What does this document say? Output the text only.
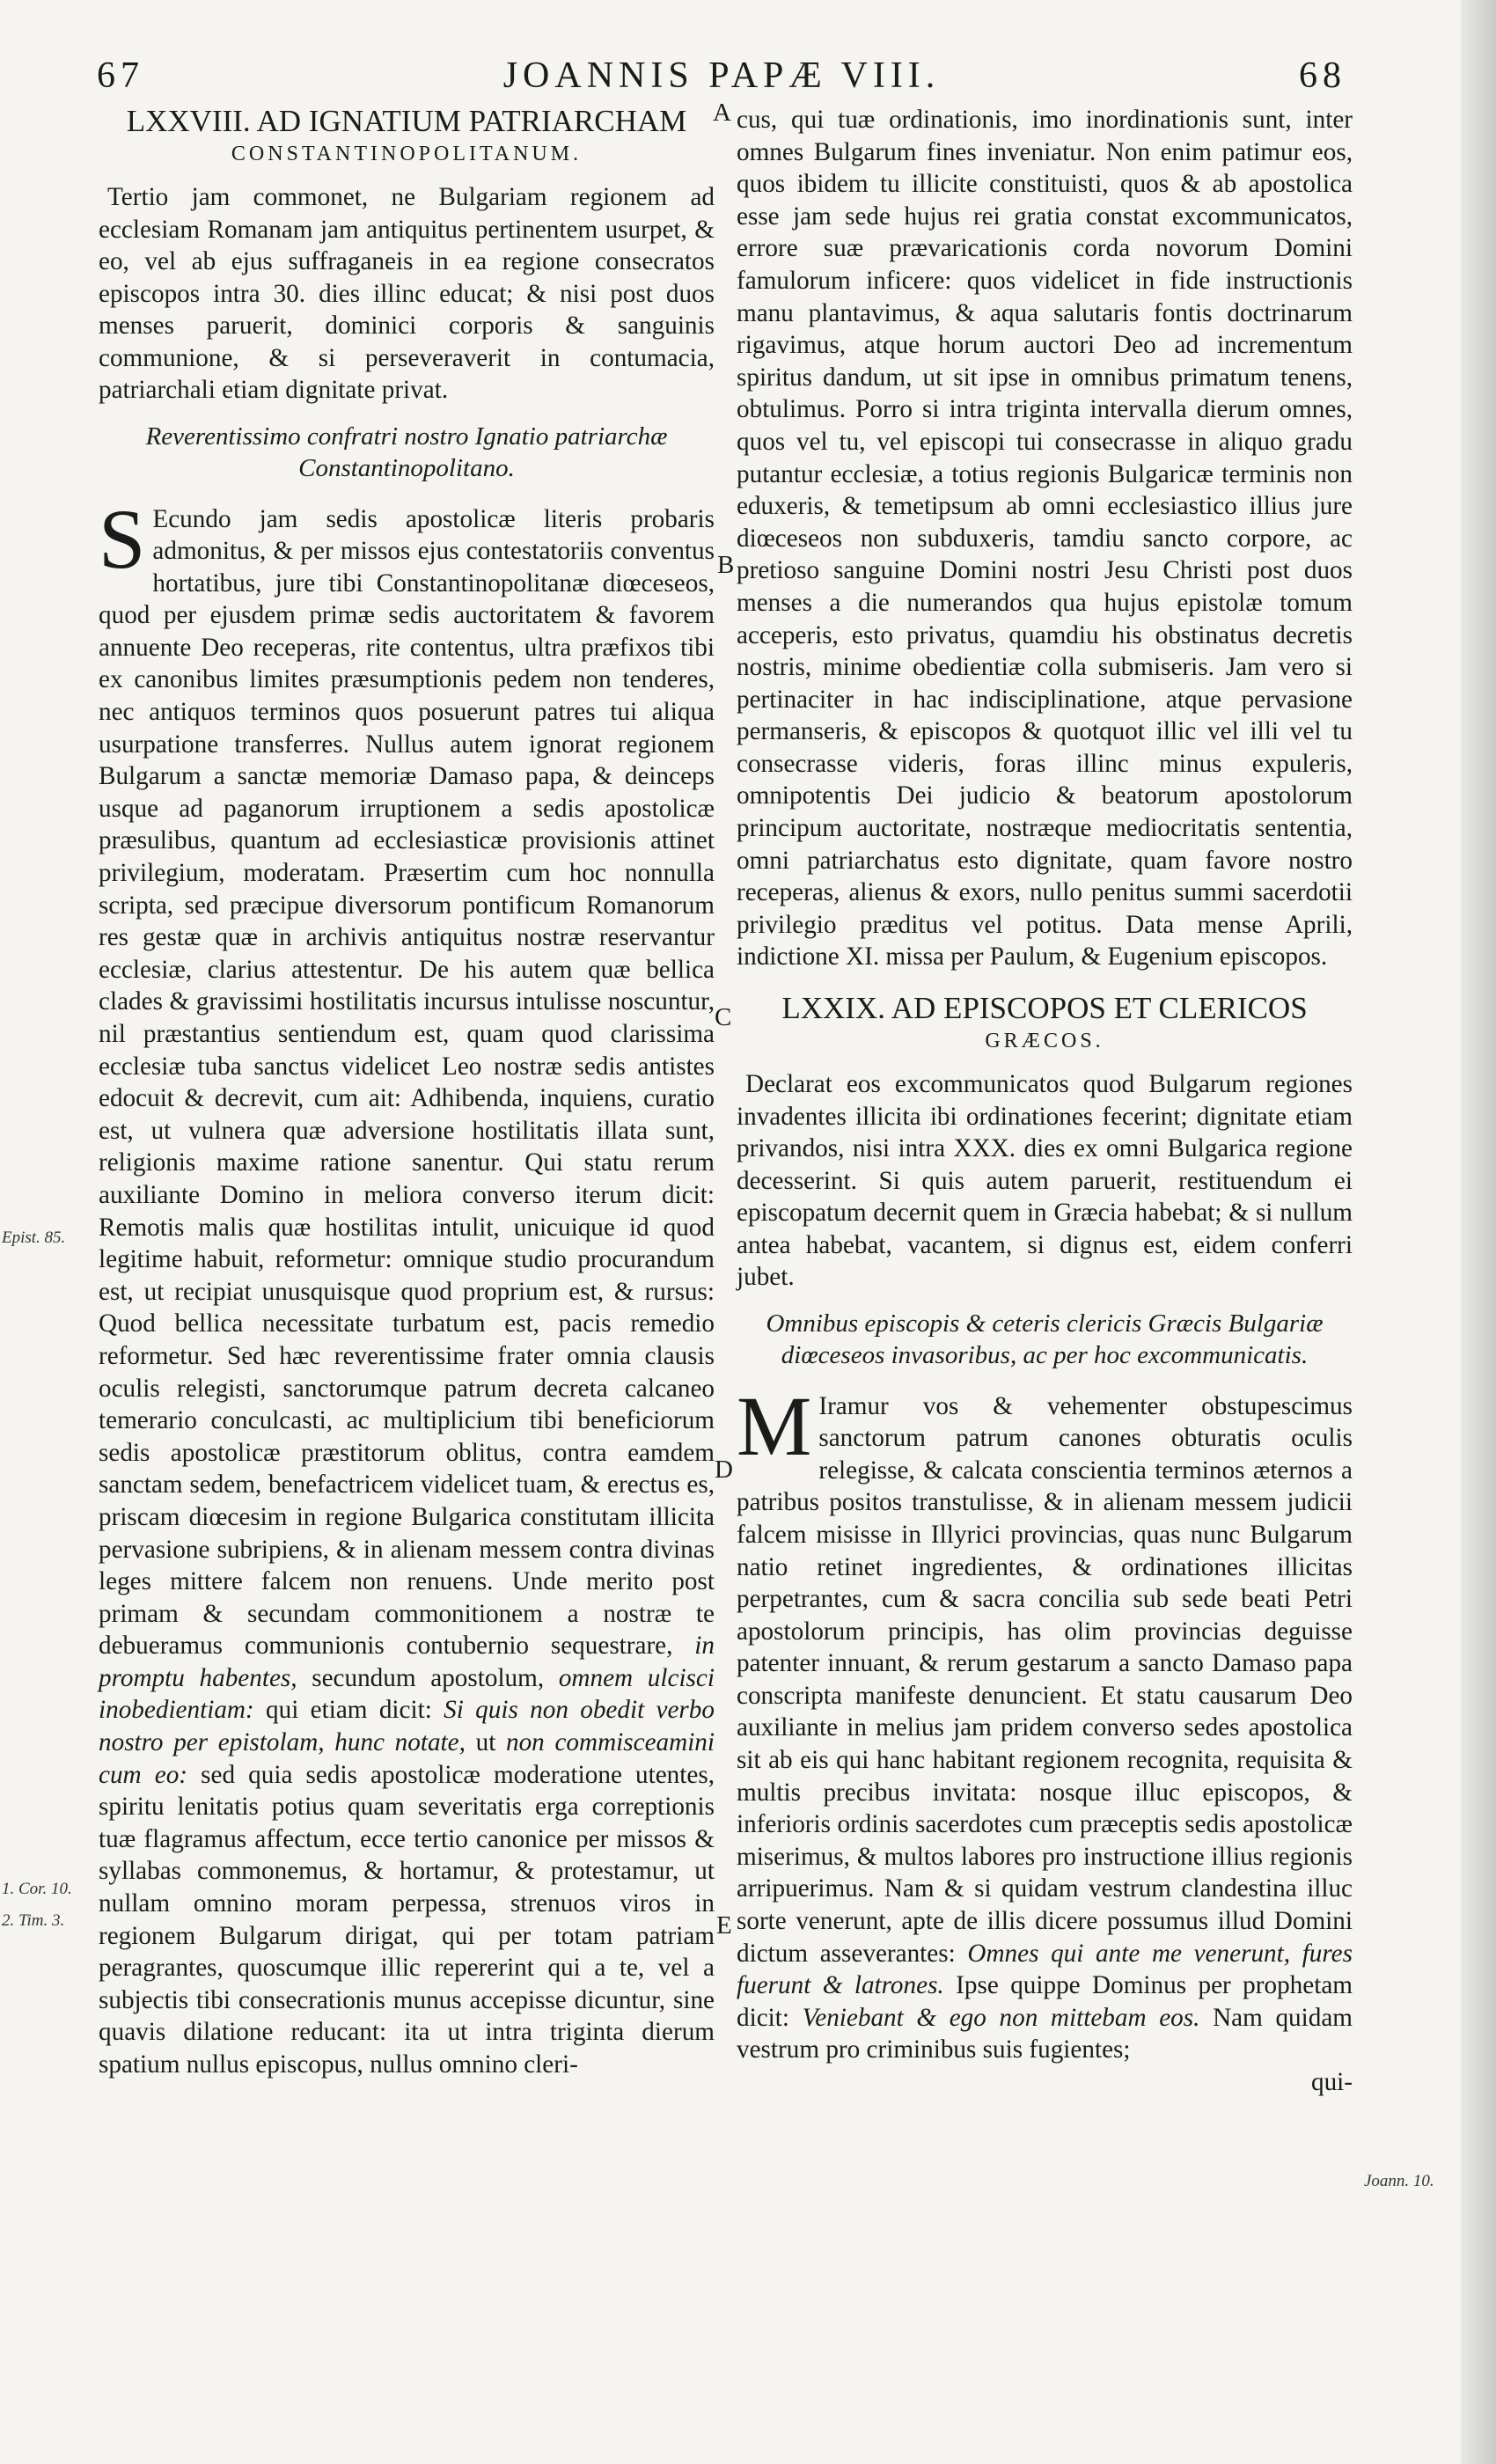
67	JOANNIS PAPÆ VIII.	68

LXXVIII. AD IGNATIUM PATRIARCHAM

CONSTANTINOPOLITANUM.

Tertio jam commonet, ne Bulgariam regionem ad ecclesiam Romanam jam antiquitus pertinentem usurpet, & eo, vel ab ejus suffraganeis in ea regione consecratos episcopos intra 30. dies illinc educat; & nisi post duos menses paruerit, dominici corporis & sanguinis communione, & si perseveraverit in contumacia, patriarchali etiam dignitate privat.

Reverentissimo confratri nostro Ignatio patriarchæ Constantinopolitano.

S Ecundo jam sedis apostolicæ literis probaris admonitus, & per missos ejus contestatoriis conventus hortatibus, jure tibi Constantinopolitanæ diœceseos, quod per ejusdem primæ sedis auctoritatem & favorem annuente Deo receperas, rite contentus, ultra præfixos tibi ex canonibus limites præsumptionis pedem non tenderes, nec antiquos terminos quos posuerunt patres tui aliqua usurpatione transferres. Nullus autem ignorat regionem Bulgarum a sanctæ memoriæ Damaso papa, & deinceps usque ad paganorum irruptionem a sedis apostolicæ præsulibus, quantum ad ecclesiasticæ provisionis attinet privilegium, moderatam. Præsertim cum hoc nonnulla scripta, sed præcipue diversorum pontificum Romanorum res gestæ quæ in archivis antiquitus nostræ reservantur ecclesiæ, clarius attestentur. De his autem quæ bellica clades & gravissimi hostilitatis incursus intulisse noscuntur, nil præstantius sentiendum est, quam quod clarissima ecclesiæ tuba sanctus videlicet Leo nostræ sedis antistes edocuit & decrevit, cum ait: Adhibenda, inquiens, curatio est, ut vulnera quæ adversione hostilitatis illata sunt, religionis maxime ratione sanentur. Qui statu rerum auxiliante Domino in meliora converso iterum dicit: Remotis malis quæ hostilitas intulit, unicuique id quod legitime habuit, reformetur: omnique studio procurandum est, ut recipiat unusquisque quod proprium est, & rursus: Quod bellica necessitate turbatum est, pacis remedio reformetur. Sed hæc reverentissime frater omnia clausis oculis relegisti, sanctorumque patrum decreta calcaneo temerario conculcasti, ac multiplicium tibi beneficiorum sedis apostolicæ præstitorum oblitus, contra eamdem sanctam sedem, benefactricem videlicet tuam, & erectus es, priscam diœcesim in regione Bulgarica constitutam illicita pervasione subripiens, & in alienam messem contra divinas leges mittere falcem non renuens. Unde merito post primam & secundam commonitionem a nostræ te debueramus communionis contubernio sequestrare, in promptu habentes, secundum apostolum, omnem ulcisci inobedientiam: qui etiam dicit: Si quis non obedit verbo nostro per epistolam, hunc notate, ut non commisceamini cum eo: sed quia sedis apostolicæ moderatione utentes, spiritu lenitatis potius quam severitatis erga correptionis tuæ flagramus affectum, ecce tertio canonice per missos & syllabas commonemus, & hortamur, & protestamur, ut nullam omnino moram perpessa, strenuos viros in regionem Bulgarum dirigat, qui per totam patriam peragrantes, quoscumque illic repererint qui a te, vel a subjectis tibi consecrationis munus accepisse dicuntur, sine quavis dilatione reducant: ita ut intra triginta dierum spatium nullus episcopus, nullus omnino cleri-

cus, qui tuæ ordinationis, imo inordinationis sunt, inter omnes Bulgarum fines inveniatur. Non enim patimur eos, quos ibidem tu illicite constituisti, quos & ab apostolica esse jam sede hujus rei gratia constat excommunicatos, errore suæ prævaricationis corda novorum Domini famulorum inficere: quos videlicet in fide instructionis manu plantavimus, & aqua salutaris fontis doctrinarum rigavimus, atque horum auctori Deo ad incrementum spiritus dandum, ut sit ipse in omnibus primatum tenens, obtulimus. Porro si intra triginta intervalla dierum omnes, quos vel tu, vel episcopi tui consecrasse in aliquo gradu putantur ecclesiæ, a totius regionis Bulgaricæ terminis non eduxeris, & temetipsum ab omni ecclesiastico illius jure diœceseos non subduxeris, tamdiu sancto corpore, ac pretioso sanguine Domini nostri Jesu Christi post duos menses a die numerandos qua hujus epistolæ tomum acceperis, esto privatus, quamdiu his obstinatus decretis nostris, minime obedientiæ colla submiseris. Jam vero si pertinaciter in hac indisciplinatione, atque pervasione permanseris, & episcopos & quotquot illic vel illi vel tu consecrasse videris, foras illinc minus expuleris, omnipotentis Dei judicio & beatorum apostolorum principum auctoritate, nostræque mediocritatis sententia, omni patriarchatus esto dignitate, quam favore nostro receperas, alienus & exors, nullo penitus summi sacerdotii privilegio præditus vel potitus. Data mense Aprili, indictione XI. missa per Paulum, & Eugenium episcopos.

LXXIX. AD EPISCOPOS ET CLERICOS

GRÆCOS.

Declarat eos excommunicatos quod Bulgarum regiones invadentes illicita ibi ordinationes fecerint; dignitate etiam privandos, nisi intra XXX. dies ex omni Bulgarica regione decesserint. Si quis autem paruerit, restituendum ei episcopatum decernit quem in Græcia habebat; & si nullum antea habebat, vacantem, si dignus est, eidem conferri jubet.

Omnibus episcopis & ceteris clericis Græcis Bulgariæ diœceseos invasoribus, ac per hoc excommunicatis.

M Iramur vos & vehementer obstupescimus sanctorum patrum canones obturatis oculis relegisse, & calcata conscientia terminos æternos a patribus positos transtulisse, & in alienam messem judicii falcem misisse in Illyrici provincias, quas nunc Bulgarum natio retinet ingredientes, & ordinationes illicitas perpetrantes, cum & sacra concilia sub sede beati Petri apostolorum principis, has olim provincias deguisse patenter innuant, & rerum gestarum a sancto Damaso papa conscripta manifeste denuncient. Et statu causarum Deo auxiliante in melius jam pridem converso sedes apostolica sit ab eis qui hanc habitant regionem recognita, requisita & multis precibus invitata: nosque illuc episcopos, & inferioris ordinis sacerdotes cum præceptis sedis apostolicæ miserimus, & multos labores pro instructione illius regionis arripuerimus. Nam & si quidam vestrum clandestina illuc sorte venerunt, apte de illis dicere possumus illud Domini dictum asseverantes: Omnes qui ante me venerunt, fures fuerunt & latrones. Ipse quippe Dominus per prophetam dicit: Veniebant & ego non mittebam eos. Nam quidam vestrum pro criminibus suis fugientes;

qui-

A
B
C
D
E
Epist. 85.
1. Cor. 10.
2. Tim. 3.
Joann. 10.
